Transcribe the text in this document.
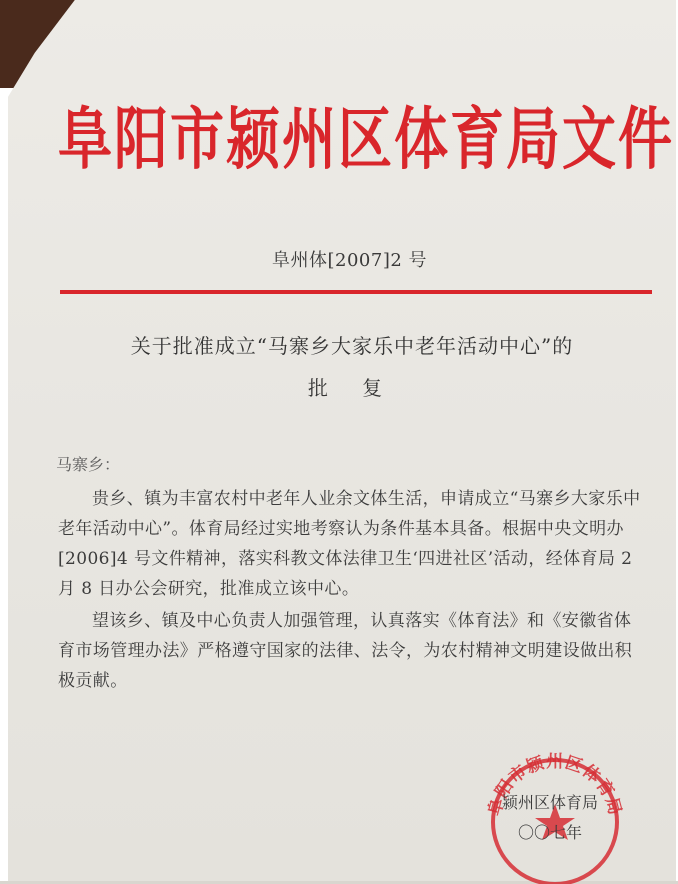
阜阳市颍州区体育局文件
阜州体[2007]2 号
关于批准成立“马寨乡大家乐中老年活动中心”的
批 复
马寨乡：

贵乡、镇为丰富农村中老年人业余文体生活，申请成立“马寨乡大家乐中老年活动中心”。体育局经过实地考察认为条件基本具备。根据中央文明办[2006]4 号文件精神，落实科教文体法律卫生‘四进社区’活动，经体育局 2 月 8 日办公会研究，批准成立该中心。

望该乡、镇及中心负责人加强管理，认真落实《体育法》和《安徽省体育市场管理办法》严格遵守国家的法律、法令，为农村精神文明建设做出积极贡献。

阜阳市颍州区体育局
颍州区体育局
〇〇七年
